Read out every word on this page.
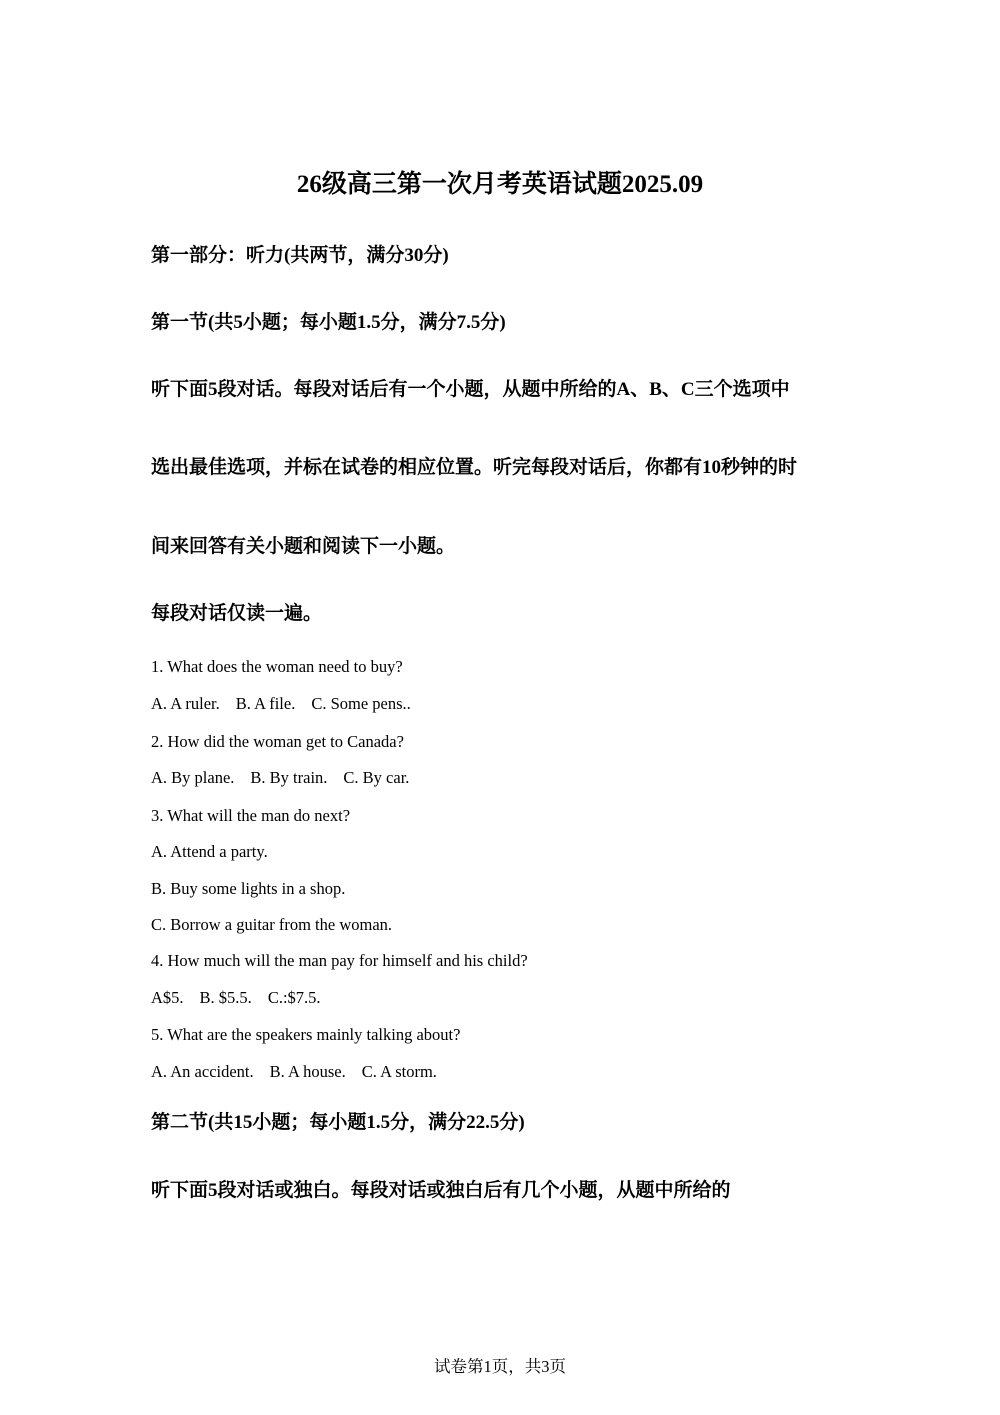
26级高三第一次月考英语试题2025.09
第一部分：听力(共两节，满分30分)
第一节(共5小题；每小题1.5分，满分7.5分)
听下面5段对话。每段对话后有一个小题，从题中所给的A、B、C三个选项中
选出最佳选项，并标在试卷的相应位置。听完每段对话后，你都有10秒钟的时
间来回答有关小题和阅读下一小题。
每段对话仅读一遍。
1. What does the woman need to buy?
A. A ruler. B. A file. C. Some pens..
2. How did the woman get to Canada?
A. By plane. B. By train. C. By car.
3. What will the man do next?
A. Attend a party.
B. Buy some lights in a shop.
C. Borrow a guitar from the woman.
4. How much will the man pay for himself and his child?
A$5. B. $5.5. C.:$7.5.
5. What are the speakers mainly talking about?
A. An accident. B. A house. C. A storm.
第二节(共15小题；每小题1.5分，满分22.5分)
听下面5段对话或独白。每段对话或独白后有几个小题，从题中所给的
试卷第1页，共3页
